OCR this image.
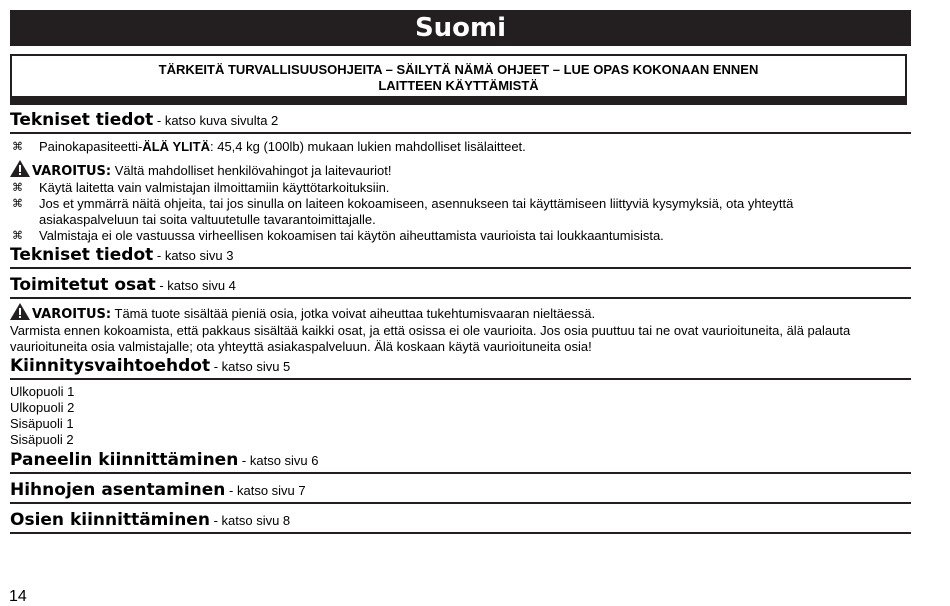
Suomi
TÄRKEITÄ TURVALLISUUSOHJEITA – SÄILYTÄ NÄMÄ OHJEET – LUE OPAS KOKONAAN ENNEN
LAITTEEN KÄYTTÄMISTÄ
Tekniset tiedot - katso kuva sivulta 2
⌘ Painokapasiteetti-ÄLÄ YLITÄ: 45,4 kg (100lb) mukaan lukien mahdolliset lisälaitteet.
VAROITUS: Vältä mahdolliset henkilövahingot ja laitevauriot!
⌘ Käytä laitetta vain valmistajan ilmoittamiin käyttötarkoituksiin.
⌘ Jos et ymmärrä näitä ohjeita, tai jos sinulla on laiteen kokoamiseen, asennukseen tai käyttämiseen liittyviä kysymyksiä, ota yhteyttä
asiakaspalveluun tai soita valtuutetulle tavarantoimittajalle.
⌘ Valmistaja ei ole vastuussa virheellisen kokoamisen tai käytön aiheuttamista vaurioista tai loukkaantumisista.
Tekniset tiedot - katso sivu 3
Toimitetut osat - katso sivu 4
VAROITUS: Tämä tuote sisältää pieniä osia, jotka voivat aiheuttaa tukehtumisvaaran nieltäessä.
Varmista ennen kokoamista, että pakkaus sisältää kaikki osat, ja että osissa ei ole vaurioita. Jos osia puuttuu tai ne ovat vaurioituneita, älä palauta
vaurioituneita osia valmistajalle; ota yhteyttä asiakaspalveluun. Älä koskaan käytä vaurioituneita osia!
Kiinnitysvaihtoehdot - katso sivu 5
Ulkopuoli 1
Ulkopuoli 2
Sisäpuoli 1
Sisäpuoli 2
Paneelin kiinnittäminen - katso sivu 6
Hihnojen asentaminen - katso sivu 7
Osien kiinnittäminen - katso sivu 8
14
